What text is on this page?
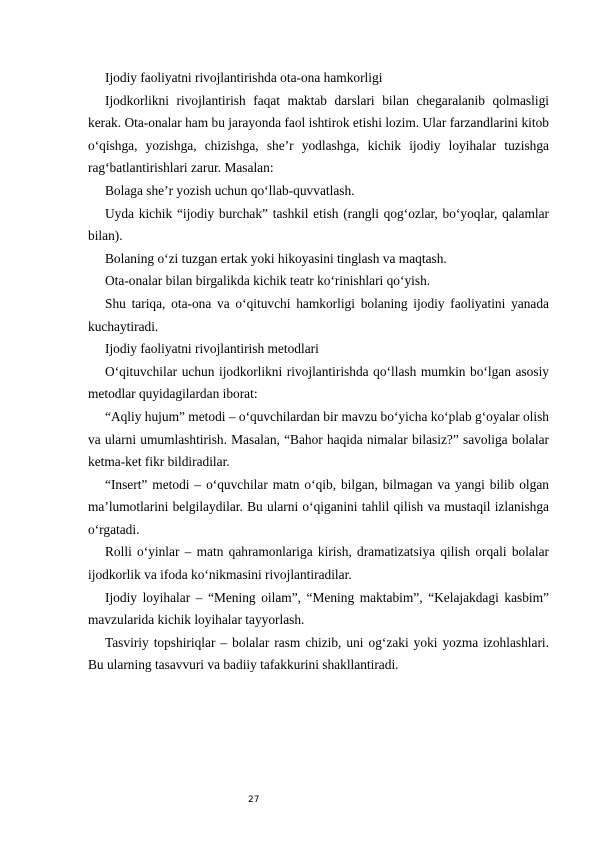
Ijodiy faoliyatni rivojlantirishda ota-ona hamkorligi

Ijodkorlikni rivojlantirish faqat maktab darslari bilan chegaralanib qolmasligi kerak. Ota-onalar ham bu jarayonda faol ishtirok etishi lozim. Ular farzandlarini kitob o‘qishga, yozishga, chizishga, she’r yodlashga, kichik ijodiy loyihalar tuzishga rag‘batlantirishlari zarur. Masalan:

Bolaga she’r yozish uchun qo‘llab-quvvatlash.

Uyda kichik “ijodiy burchak” tashkil etish (rangli qog‘ozlar, bo‘yoqlar, qalamlar bilan).

Bolaning o‘zi tuzgan ertak yoki hikoyasini tinglash va maqtash.

Ota-onalar bilan birgalikda kichik teatr ko‘rinishlari qo‘yish.

Shu tariqa, ota-ona va o‘qituvchi hamkorligi bolaning ijodiy faoliyatini yanada kuchaytiradi.

Ijodiy faoliyatni rivojlantirish metodlari

O‘qituvchilar uchun ijodkorlikni rivojlantirishda qo‘llash mumkin bo‘lgan asosiy metodlar quyidagilardan iborat:

“Aqliy hujum” metodi – o‘quvchilardan bir mavzu bo‘yicha ko‘plab g‘oyalar olish va ularni umumlashtirish. Masalan, “Bahor haqida nimalar bilasiz?” savoliga bolalar ketma-ket fikr bildiradilar.

“Insert” metodi – o‘quvchilar matn o‘qib, bilgan, bilmagan va yangi bilib olgan ma’lumotlarini belgilaydilar. Bu ularni o‘qiganini tahlil qilish va mustaqil izlanishga o‘rgatadi.

Rolli o‘yinlar – matn qahramonlariga kirish, dramatizatsiya qilish orqali bolalar ijodkorlik va ifoda ko‘nikmasini rivojlantiradilar.

Ijodiy loyihalar – “Mening oilam”, “Mening maktabim”, “Kelajakdagi kasbim” mavzularida kichik loyihalar tayyorlash.

Tasviriy topshiriqlar – bolalar rasm chizib, uni og‘zaki yoki yozma izohlashlari. Bu ularning tasavvuri va badiiy tafakkurini shakllantiradi.

27
